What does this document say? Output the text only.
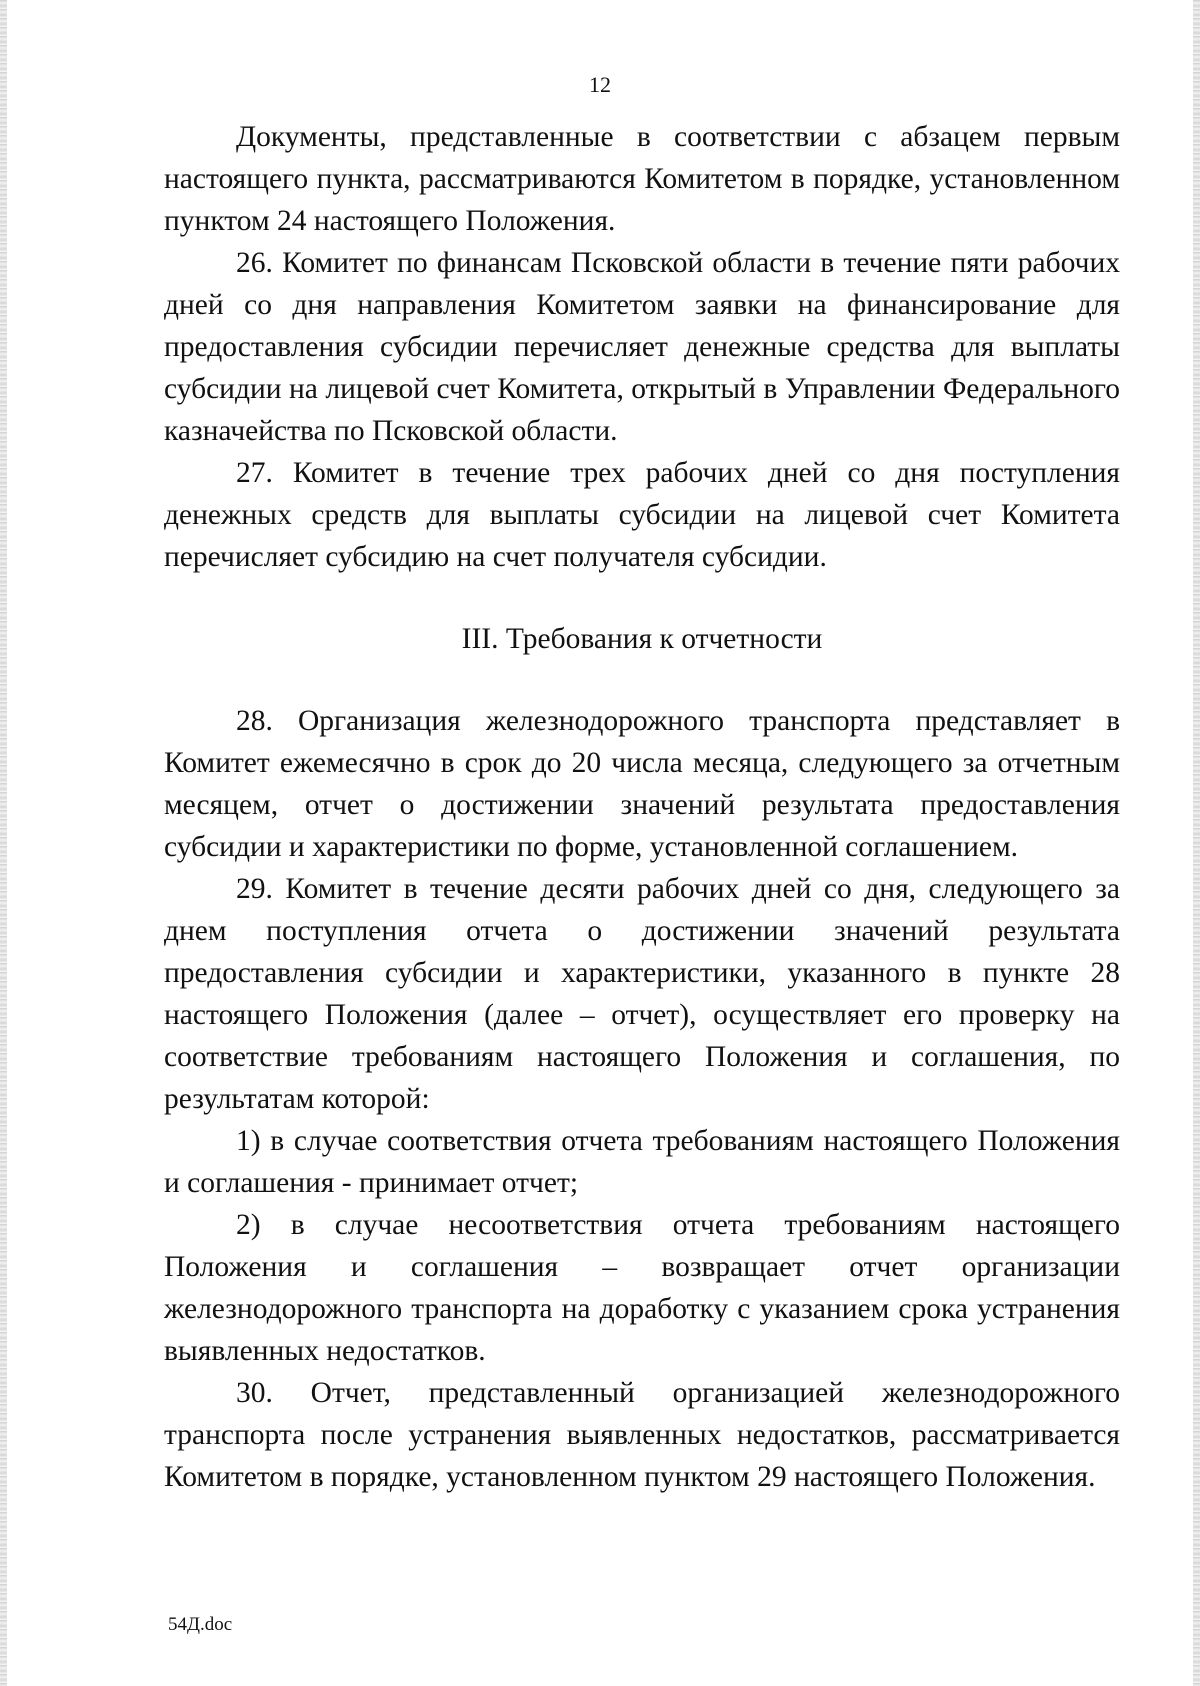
12

Документы, представленные в соответствии с абзацем первым настоящего пункта, рассматриваются Комитетом в порядке, установленном пунктом 24 настоящего Положения.

26. Комитет по финансам Псковской области в течение пяти рабочих дней со дня направления Комитетом заявки на финансирование для предоставления субсидии перечисляет денежные средства для выплаты субсидии на лицевой счет Комитета, открытый в Управлении Федерального казначейства по Псковской области.

27. Комитет в течение трех рабочих дней со дня поступления денежных средств для выплаты субсидии на лицевой счет Комитета перечисляет субсидию на счет получателя субсидии.

III. Требования к отчетности

28. Организация железнодорожного транспорта представляет в Комитет ежемесячно в срок до 20 числа месяца, следующего за отчетным месяцем, отчет о достижении значений результата предоставления субсидии и характеристики по форме, установленной соглашением.

29. Комитет в течение десяти рабочих дней со дня, следующего за днем поступления отчета о достижении значений результата предоставления субсидии и характеристики, указанного в пункте 28 настоящего Положения (далее – отчет), осуществляет его проверку на соответствие требованиям настоящего Положения и соглашения, по результатам которой:

1) в случае соответствия отчета требованиям настоящего Положения и соглашения - принимает отчет;

2) в случае несоответствия отчета требованиям настоящего Положения и соглашения – возвращает отчет организации железнодорожного транспорта на доработку с указанием срока устранения выявленных недостатков.

30. Отчет, представленный организацией железнодорожного транспорта после устранения выявленных недостатков, рассматривается Комитетом в порядке, установленном пунктом 29 настоящего Положения.

54Д.doc
